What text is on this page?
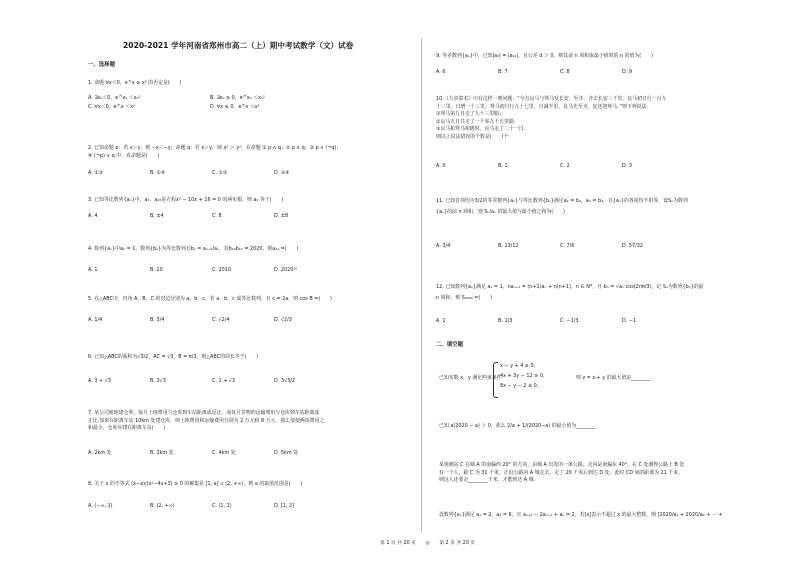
2020-2021 学年河南省郑州市高二（上）期中考试数学（文）试卷
一、选择题
1. 命题 ∀x＜0，e^x ≥ x² 的否定是(　　)
A. ∃x₀＜0，e^x₀ ＜x₀²	B. ∃x₀ ≥ 0，e^x₀ ＜x₀²
C. ∀x＜0，e^x ＜x²	D. ∀x ≥ 0，e^x ＜x²
2. 已知命题 p：若 x＞y，则 −x＜−y；命题 q：若 x＞y，则 x² ＞ y²，在命题 ① p ∧ q；② p ∨ q；③ p ∧ (¬q)；
④ (¬p) ∨ q 中，真命题是(　　)
A. ①③	B. ①④	C. ②③	D. ②④
3. 已知等比数列{aₙ}中，a₃，a₁₅是方程x² − 10x + 16 = 0 的两实根，则 a₉ 等于(　　)
A. 4	B. ±4	C. 8	D. ±8
4. 数列{aₙ}中a₁ = 1，数列{bₙ}为等比数列且bₙ = aₙ₊₁/aₙ，若b₁₀b₁₁ = 2020，则a₂₁ =(　　)
A. 1	B. 20	C. 2010	D. 2020¹⁰
5. 在△ABC中，内角 A，B，C 的对边分别为 a，b，c，若 a，b，c 成等比数列，且 c = 2a，则 cos B =(　　)
A. 1/4	B. 3/4	C. √2/4	D. √2/3
6. 已知△ABC的面积为√3/2，AC = √3，B = π/3，则△ABC的周长等于(　　)
A. 3 + √3	B. 3√3	C. 2 + √3	D. 3√3/2
7. 某公司租地建仓库，每月土地费用与仓库到车站距离成反比，而每月货物的运输费用与仓库到车站距离成
正比.如果在距离车站 10km 处建仓库，则土地费用和运输费用分别为 2 万元和 8 万元，那么要使两项费用之
和最小，仓库应建在距离车站(　　)
A. 2km 处	B. 3km 处	C. 4km 处	D. 5km 处
8. 关于 x 的不等式 (x−a)/(x²−4x+3) ≥ 0 的解集是 [1, a] ∪ (2, +∞)，则 a 的取值范围是(　　)
A. (−∞, 1)	B. (2, +∞)	C. (1, 2)	D. [1, 2]
9. 等差数列{aₙ}中，已知|a₇| = |a₁₁|，且公差 d ＞ 0，则其前 n 项和取最小值时的 n 的值为(　　)
A. 6	B. 7	C. 8	D. 9
10.《九章算术》中有这样一则问题：“今有良马与驽马发长安，至齐，齐去长安三千里，良马初日行一百九
十三里，日增一十三里；驽马初日行九十七里，日减半里，良马先至齐，复还迎驽马，”则下列说法：
①驽马第九日走了九十三里路；
②良马五日共走了一千零九十五里路；
③良马和驽马相遇时，良马走了二十一日.
则以上说法错误的个数是(　　)个
A. 0	B. 1	C. 2	D. 3
11. 已知首项均为3/2的等差数列{aₙ}与等比数列{bₙ}满足a₂ = b₂，a₄ = b₄，且{aₙ}的各项均不相等，设Sₙ为数列
{aₙ}的前 n 项和，则 Sₙ/aₙ 的最大值与最小值之和为(　　)
A. 3/4	B. 13/12	C. 7/6	D. 57/32
12. 已知数列{aₙ}满足 a₁ = 1，naₙ₊₁ = (n+1)aₙ + n(n+1)，n ∈ N*，且 bₙ = √aₙ cos(2nπ/3)，记 Sₙ为数列{bₙ}的前
n 项和，则 S₂₀₀₀ =(　　)
A. 1	B. 1/3	C. −1/3	D. −1
二、填空题
已知实数 x，y 满足约束条件
x − y + 4 ≥ 0,
4x + 3y − 12 ≥ 0,
8x − y − 2 ≤ 0,
则 z = x + y 的最大值是________.
已知 a(2020 − a) ＞ 0，那么 2/a + 1/(2020−a) 的最小值为________.
某观测站 C 在城 A 的南偏西 20° 的方向，由城 A 出发的一条公路，走向是南偏东 40°，在 C 处测得公路上 B 处
有一个人，距 C 为 31 千米，正沿公路向 A 城走去，走了 20 千米后到达 D 处，此时 CD 间的距离为 21 千米，
则这人还要走________千米，才能到达 A 城.
设数列{aₙ}满足 a₁ = 2，a₂ = 6，且 aₙ₊₂ − 2aₙ₊₁ + aₙ = 2，若[x]表示不超过 x 的最大整数，则 [2020/a₁ + 2020/a₂ + ⋯ +
第 1 页 共 20 页 ◎ 第 2 页 共 20 页
